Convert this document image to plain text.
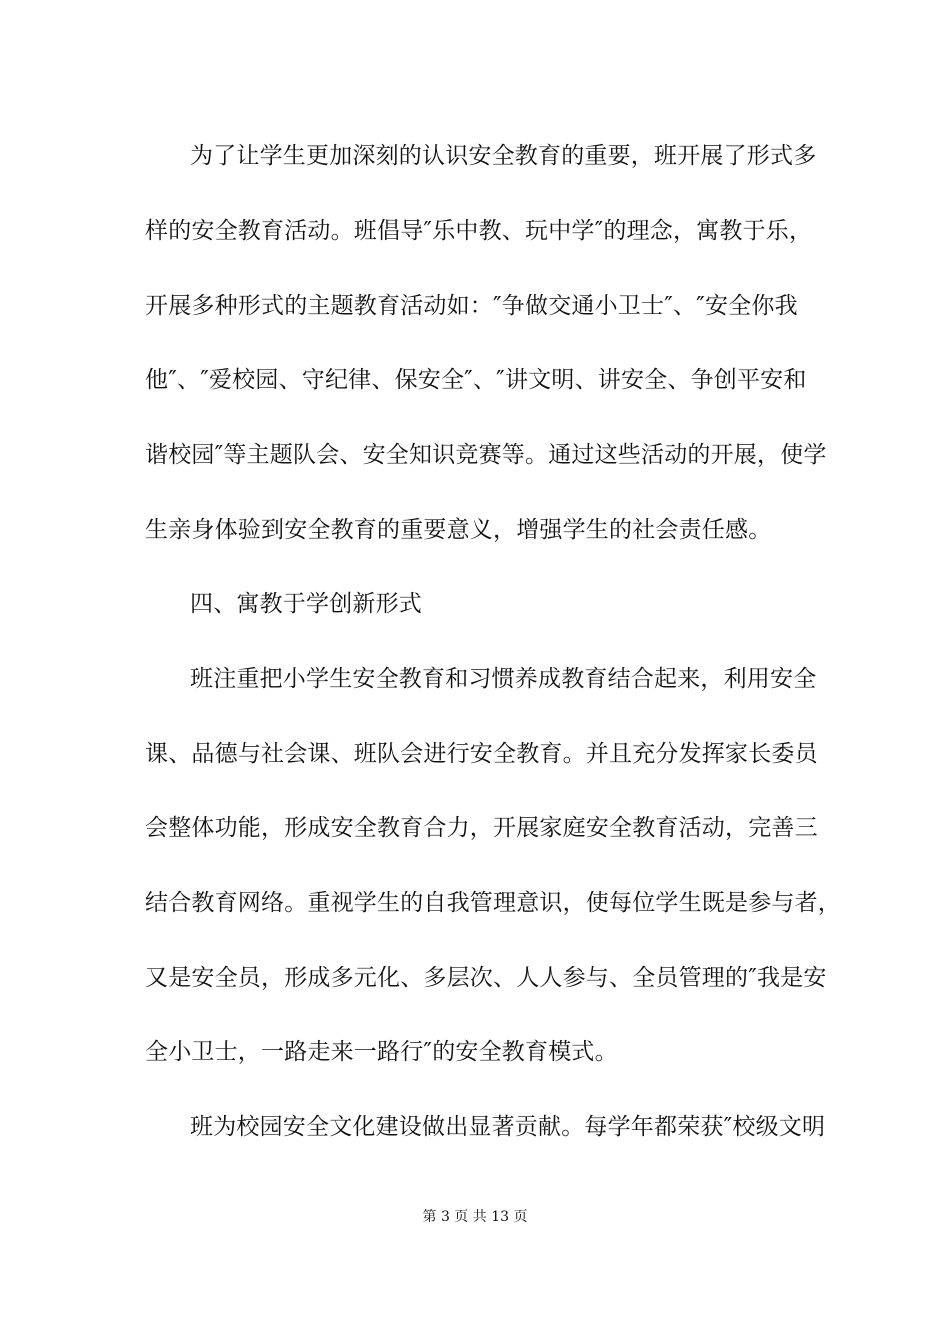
为了让学生更加深刻的认识安全教育的重要，班开展了形式多
样的安全教育活动。班倡导″乐中教、玩中学″的理念，寓教于乐，
开展多种形式的主题教育活动如：″争做交通小卫士″、″安全你我
他″、″爱校园、守纪律、保安全″、″讲文明、讲安全、争创平安和
谐校园″等主题队会、安全知识竞赛等。通过这些活动的开展，使学
生亲身体验到安全教育的重要意义，增强学生的社会责任感。
四、寓教于学创新形式
班注重把小学生安全教育和习惯养成教育结合起来，利用安全
课、品德与社会课、班队会进行安全教育。并且充分发挥家长委员
会整体功能，形成安全教育合力，开展家庭安全教育活动，完善三
结合教育网络。重视学生的自我管理意识，使每位学生既是参与者，
又是安全员，形成多元化、多层次、人人参与、全员管理的″我是安
全小卫士，一路走来一路行″的安全教育模式。
班为校园安全文化建设做出显著贡献。每学年都荣获″校级文明
第 3 页 共 13 页
